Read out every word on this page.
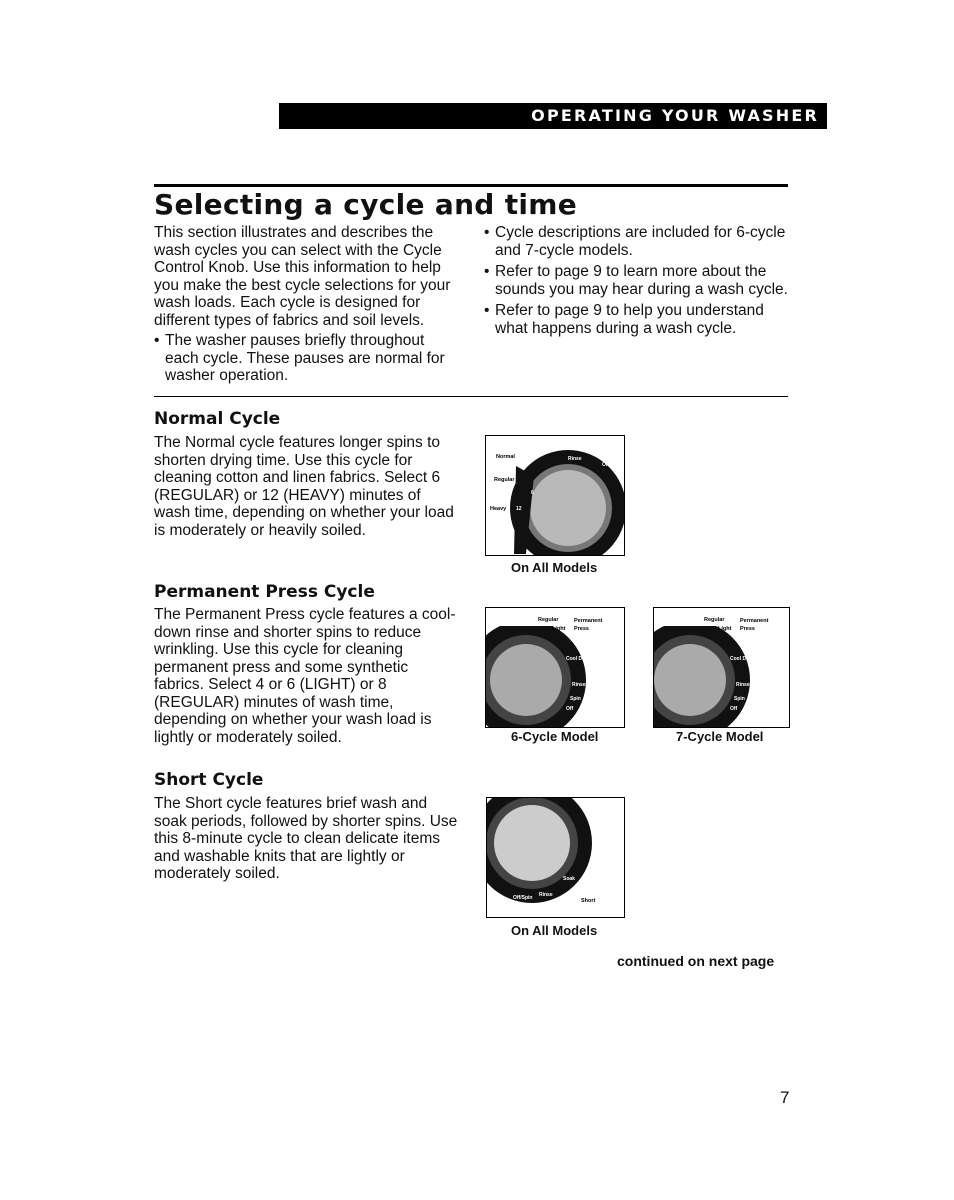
OPERATING YOUR WASHER
Selecting a cycle and time

This section illustrates and describes the wash cycles you can select with the Cycle Control Knob. Use this information to help you make the best cycle selections for your wash loads. Each cycle is designed for different types of fabrics and soil levels.

• The washer pauses briefly throughout each cycle. These pauses are normal for washer operation.
• Cycle descriptions are included for 6-cycle and 7-cycle models.
• Refer to page 9 to learn more about the sounds you may hear during a wash cycle.
• Refer to page 9 to help you understand what happens during a wash cycle.
Normal Cycle

The Normal cycle features longer spins to shorten drying time. Use this cycle for cleaning cotton and linen fabrics. Select 6 (REGULAR) or 12 (HEAVY) minutes of wash time, depending on whether your load is moderately or heavily soiled.

Normal
Regular
Heavy
6
12
Rinse
Spin
Off
On All Models
Permanent Press Cycle

The Permanent Press cycle features a cool-down rinse and shorter spins to reduce wrinkling. Use this cycle for cleaning permanent press and some synthetic fabrics. Select 4 or 6 (LIGHT) or 8 (REGULAR) minutes of wash time, depending on whether your wash load is lightly or moderately soiled.

Regular
Light
Permanent
Press
Cool Down
Rinse
Spin
Off
6-Cycle Model
Regular
Light
Permanent
Press
Cool Down
Rinse
Spin
Off
7-Cycle Model
Short Cycle

The Short cycle features brief wash and soak periods, followed by shorter spins. Use this 8-minute cycle to clean delicate items and washable knits that are lightly or moderately soiled.

Off/Spin Rinse
Soak
Short
On All Models
continued on next page
7
